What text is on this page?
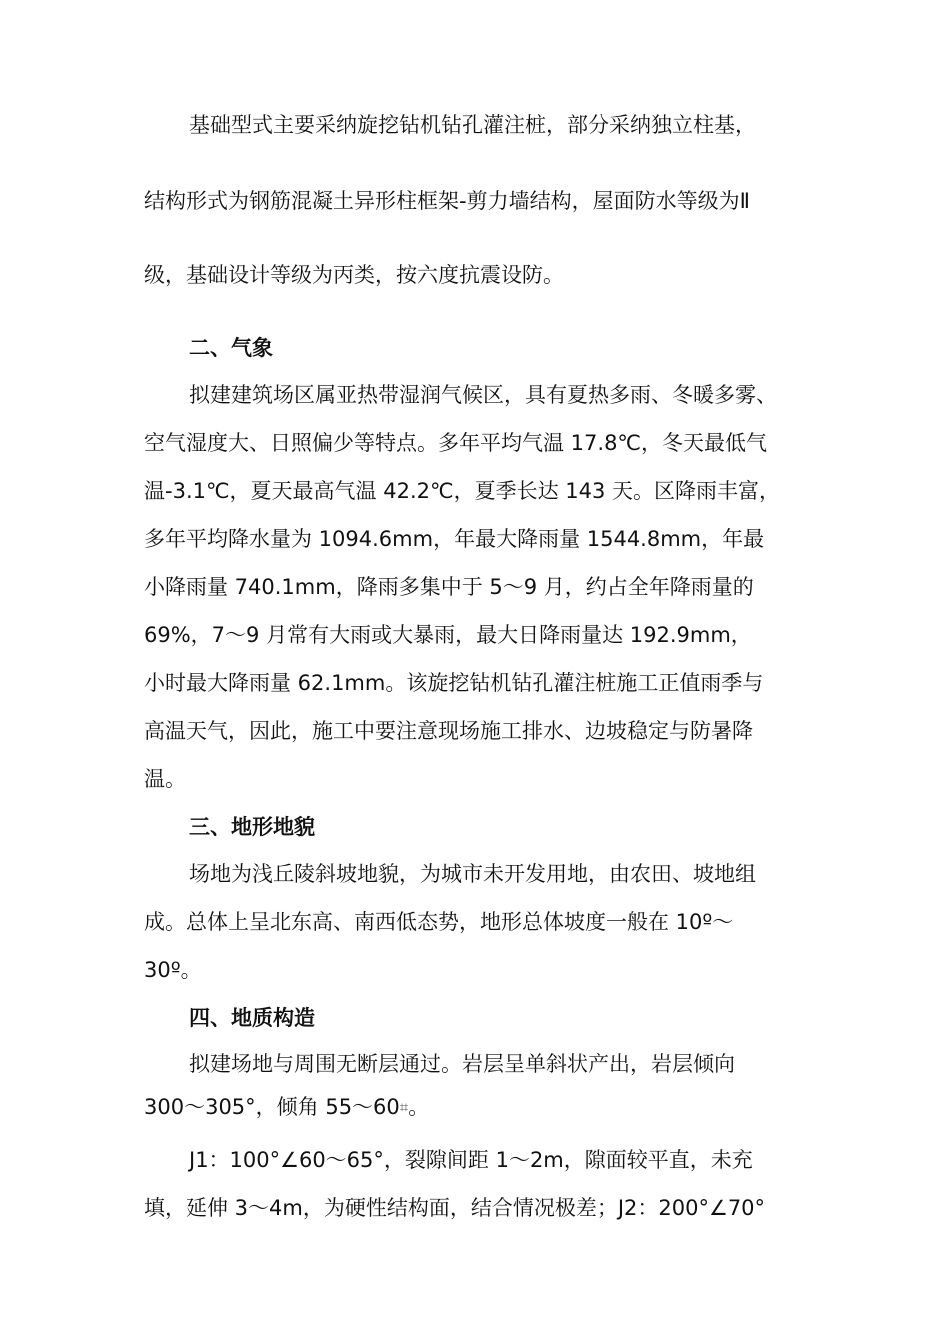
基础型式主要采纳旋挖钻机钻孔灌注桩，部分采纳独立柱基，

结构形式为钢筋混凝土异形柱框架-剪力墙结构，屋面防水等级为Ⅱ

级，基础设计等级为丙类，按六度抗震设防。

二、气象

拟建建筑场区属亚热带湿润气候区，具有夏热多雨、冬暖多雾、

空气湿度大、日照偏少等特点。多年平均气温 17.8℃，冬天最低气

温-3.1℃，夏天最高气温 42.2℃，夏季长达 143 天。区降雨丰富，

多年平均降水量为 1094.6mm，年最大降雨量 1544.8mm，年最

小降雨量 740.1mm，降雨多集中于 5～9 月，约占全年降雨量的

69%，7～9 月常有大雨或大暴雨，最大日降雨量达 192.9mm，

小时最大降雨量 62.1mm。该旋挖钻机钻孔灌注桩施工正值雨季与

高温天气，因此，施工中要注意现场施工排水、边坡稳定与防暑降

温。

三、地形地貌

场地为浅丘陵斜坡地貌，为城市未开发用地，由农田、坡地组

成。总体上呈北东高、南西低态势，地形总体坡度一般在 10º～

30º。

四、地质构造

拟建场地与周围无断层通过。岩层呈单斜状产出，岩层倾向

300～305°，倾角 55～60⌗。

J1：100°∠60～65°，裂隙间距 1～2m，隙面较平直，未充

填，延伸 3～4m，为硬性结构面，结合情况极差；J2：200°∠70°
